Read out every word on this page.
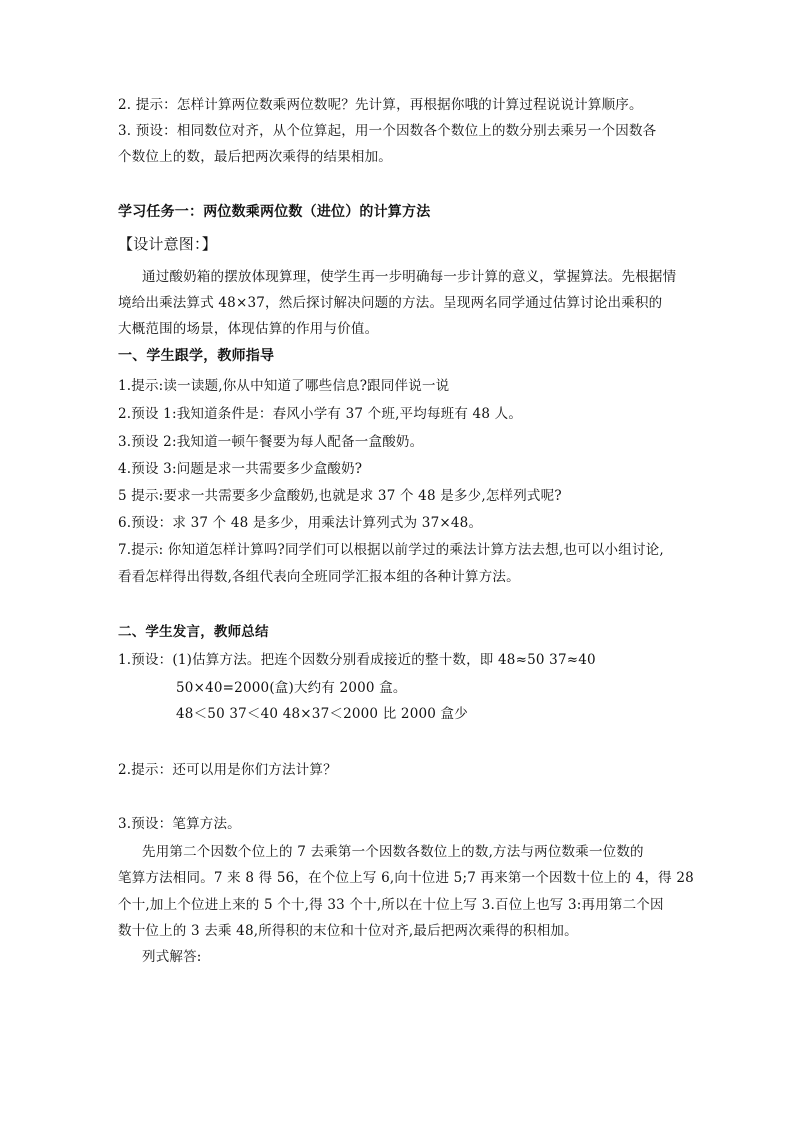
2. 提示：怎样计算两位数乘两位数呢？先计算，再根据你哦的计算过程说说计算顺序。
3. 预设：相同数位对齐，从个位算起，用一个因数各个数位上的数分别去乘另一个因数各
个数位上的数，最后把两次乘得的结果相加。
学习任务一：两位数乘两位数（进位）的计算方法
【设计意图：】
通过酸奶箱的摆放体现算理，使学生再一步明确每一步计算的意义，掌握算法。先根据情
境给出乘法算式 48×37，然后探讨解决问题的方法。呈现两名同学通过估算讨论出乘积的
大概范围的场景，体现估算的作用与价值。
一、学生跟学，教师指导
1.提示:读一读题,你从中知道了哪些信息?跟同伴说一说
2.预设 1:我知道条件是：春风小学有 37 个班,平均每班有 48 人。
3.预设 2:我知道一顿午餐要为每人配备一盒酸奶。
4.预设 3:问题是求一共需要多少盒酸奶?
5 提示:要求一共需要多少盒酸奶,也就是求 37 个 48 是多少,怎样列式呢?
6.预设：求 37 个 48 是多少，用乘法计算列式为 37×48。
7.提示: 你知道怎样计算吗?同学们可以根据以前学过的乘法计算方法去想,也可以小组讨论,
看看怎样得出得数,各组代表向全班同学汇报本组的各种计算方法。
二、学生发言，教师总结
1.预设：(1)估算方法。把连个因数分别看成接近的整十数，即 48≈50 37≈40
50×40=2000(盒)大约有 2000 盒。
48＜50 37＜40 48×37＜2000 比 2000 盒少
2.提示：还可以用是你们方法计算？
3.预设：笔算方法。
先用第二个因数个位上的 7 去乘第一个因数各数位上的数,方法与两位数乘一位数的
笔算方法相同。7 来 8 得 56，在个位上写 6,向十位进 5;7 再来第一个因数十位上的 4，得 28
个十,加上个位进上来的 5 个十,得 33 个十,所以在十位上写 3.百位上也写 3:再用第二个因
数十位上的 3 去乘 48,所得积的末位和十位对齐,最后把两次乘得的积相加。
列式解答:
